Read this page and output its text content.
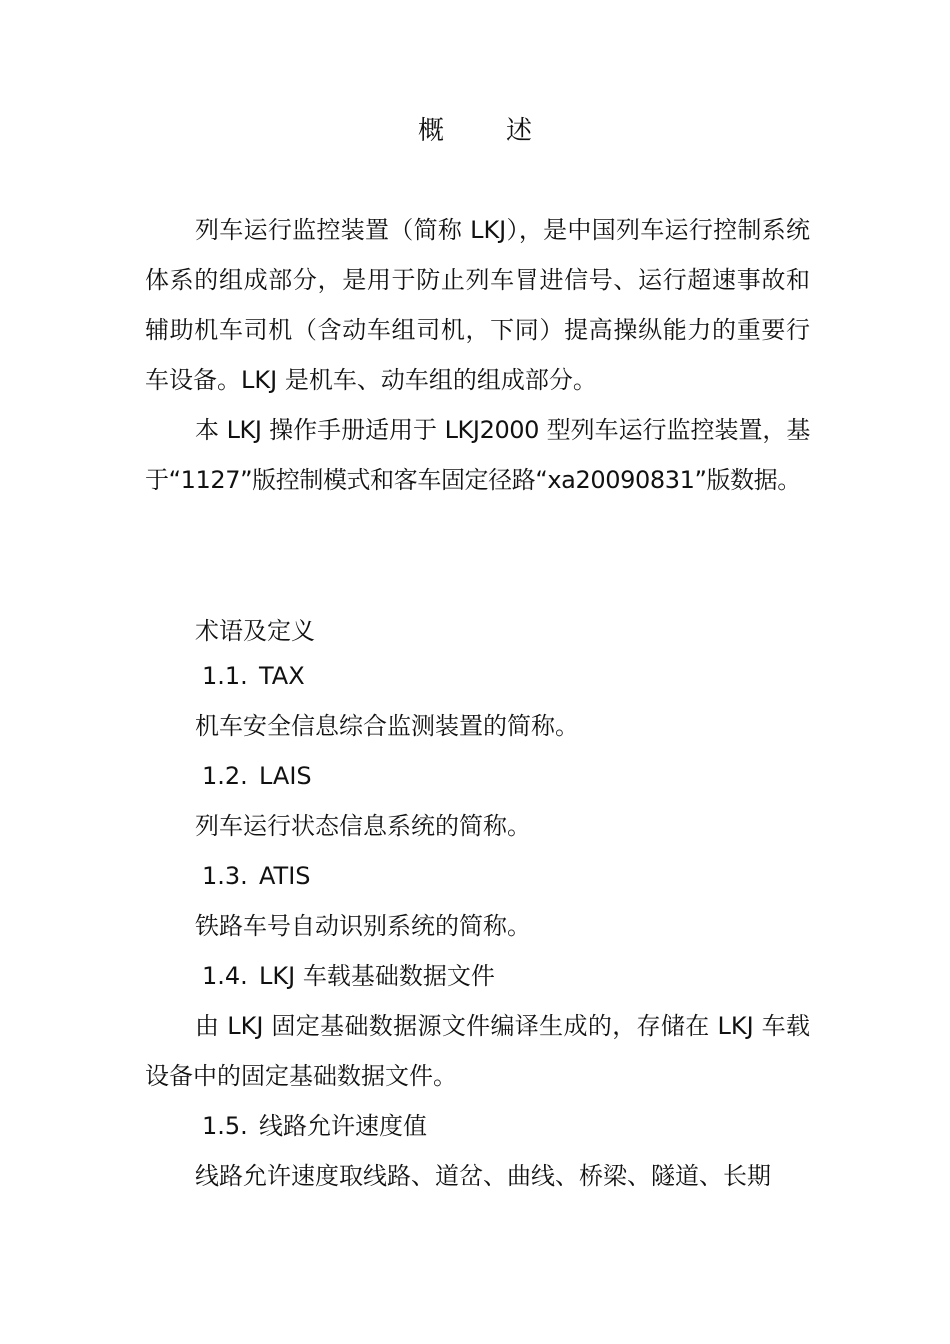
概 述

列车运行监控装置（简称 LKJ），是中国列车运行控制系统体系的组成部分，是用于防止列车冒进信号、运行超速事故和辅助机车司机（含动车组司机，下同）提高操纵能力的重要行车设备。LKJ 是机车、动车组的组成部分。

本 LKJ 操作手册适用于 LKJ2000 型列车运行监控装置，基于“1127”版控制模式和客车固定径路“xa20090831”版数据。

术语及定义
1.1. TAX
机车安全信息综合监测装置的简称。
1.2. LAIS
列车运行状态信息系统的简称。
1.3. ATIS
铁路车号自动识别系统的简称。
1.4. LKJ 车载基础数据文件

由 LKJ 固定基础数据源文件编译生成的，存储在 LKJ 车载设备中的固定基础数据文件。

1.5. 线路允许速度值
线路允许速度取线路、道岔、曲线、桥梁、隧道、长期
